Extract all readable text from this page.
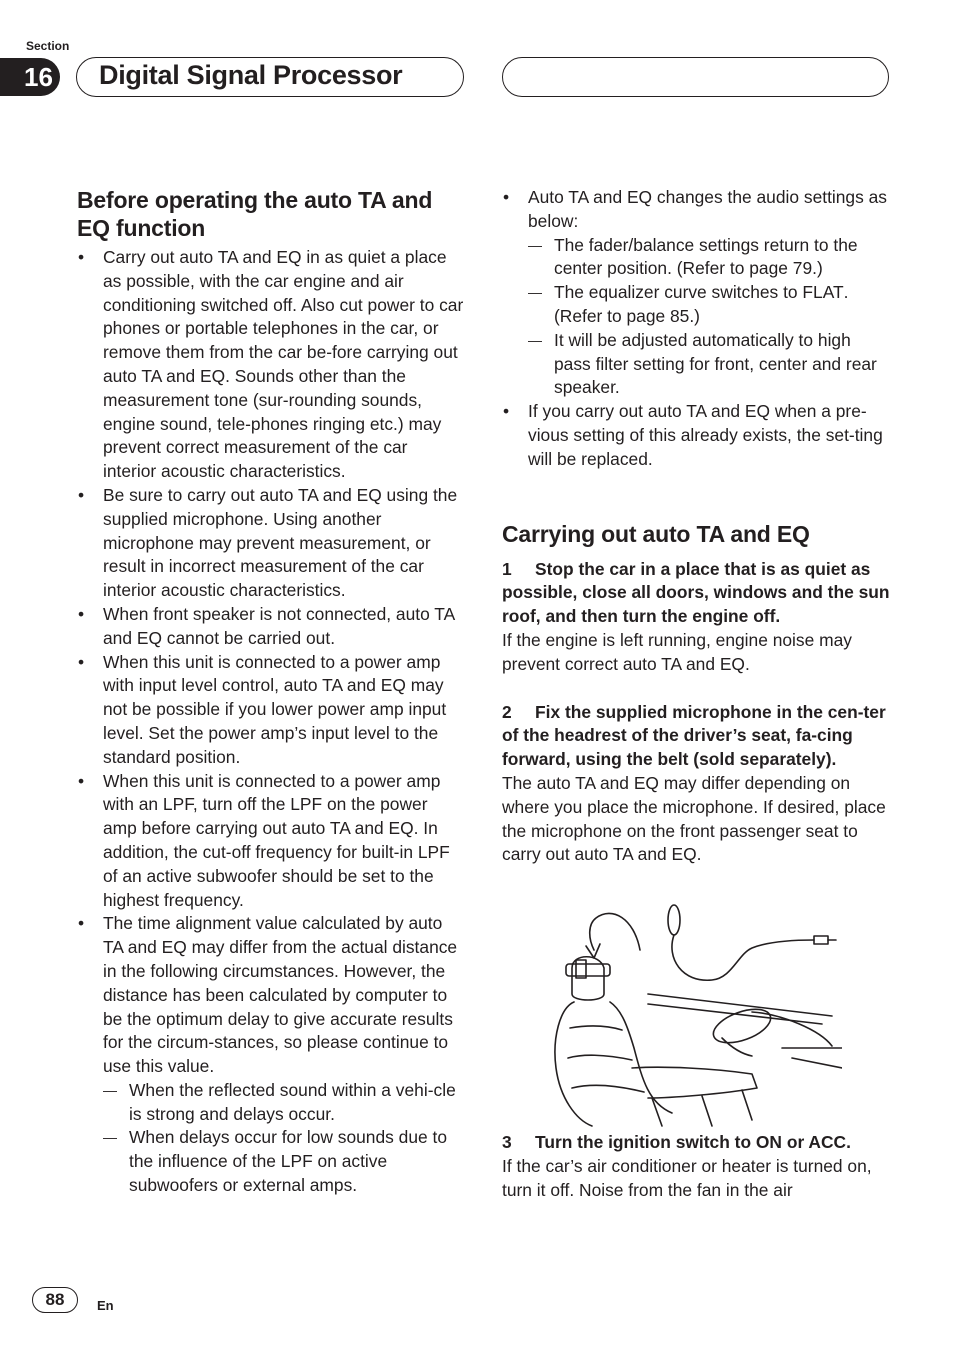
Section
16 Digital Signal Processor
Before operating the auto TA and EQ function
• Carry out auto TA and EQ in as quiet a place as possible, with the car engine and air conditioning switched off. Also cut power to car phones or portable telephones in the car, or remove them from the car be-fore carrying out auto TA and EQ. Sounds other than the measurement tone (sur-rounding sounds, engine sound, tele-phones ringing etc.) may prevent correct measurement of the car interior acoustic characteristics.
• Be sure to carry out auto TA and EQ using the supplied microphone. Using another microphone may prevent measurement, or result in incorrect measurement of the car interior acoustic characteristics.
• When front speaker is not connected, auto TA and EQ cannot be carried out.
• When this unit is connected to a power amp with input level control, auto TA and EQ may not be possible if you lower power amp input level. Set the power amp’s input level to the standard position.
• When this unit is connected to a power amp with an LPF, turn off the LPF on the power amp before carrying out auto TA and EQ. In addition, the cut-off frequency for built-in LPF of an active subwoofer should be set to the highest frequency.
• The time alignment value calculated by auto TA and EQ may differ from the actual distance in the following circumstances. However, the distance has been calculated by computer to be the optimum delay to give accurate results for the circum-stances, so please continue to use this value.
— When the reflected sound within a vehi-cle is strong and delays occur.
— When delays occur for low sounds due to the influence of the LPF on active subwoofers or external amps.
• Auto TA and EQ changes the audio settings as below:
— The fader/balance settings return to the center position. (Refer to page 79.)
— The equalizer curve switches to FLAT. (Refer to page 85.)
— It will be adjusted automatically to high pass filter setting for front, center and rear speaker.
• If you carry out auto TA and EQ when a pre-vious setting of this already exists, the set-ting will be replaced.
Carrying out auto TA and EQ

1 Stop the car in a place that is as quiet as possible, close all doors, windows and the sun roof, and then turn the engine off.

If the engine is left running, engine noise may prevent correct auto TA and EQ.

2 Fix the supplied microphone in the cen-ter of the headrest of the driver’s seat, fa-cing forward, using the belt (sold separately).

The auto TA and EQ may differ depending on where you place the microphone. If desired, place the microphone on the front passenger seat to carry out auto TA and EQ.

3 Turn the ignition switch to ON or ACC.

If the car’s air conditioner or heater is turned on, turn it off. Noise from the fan in the air

88	En
